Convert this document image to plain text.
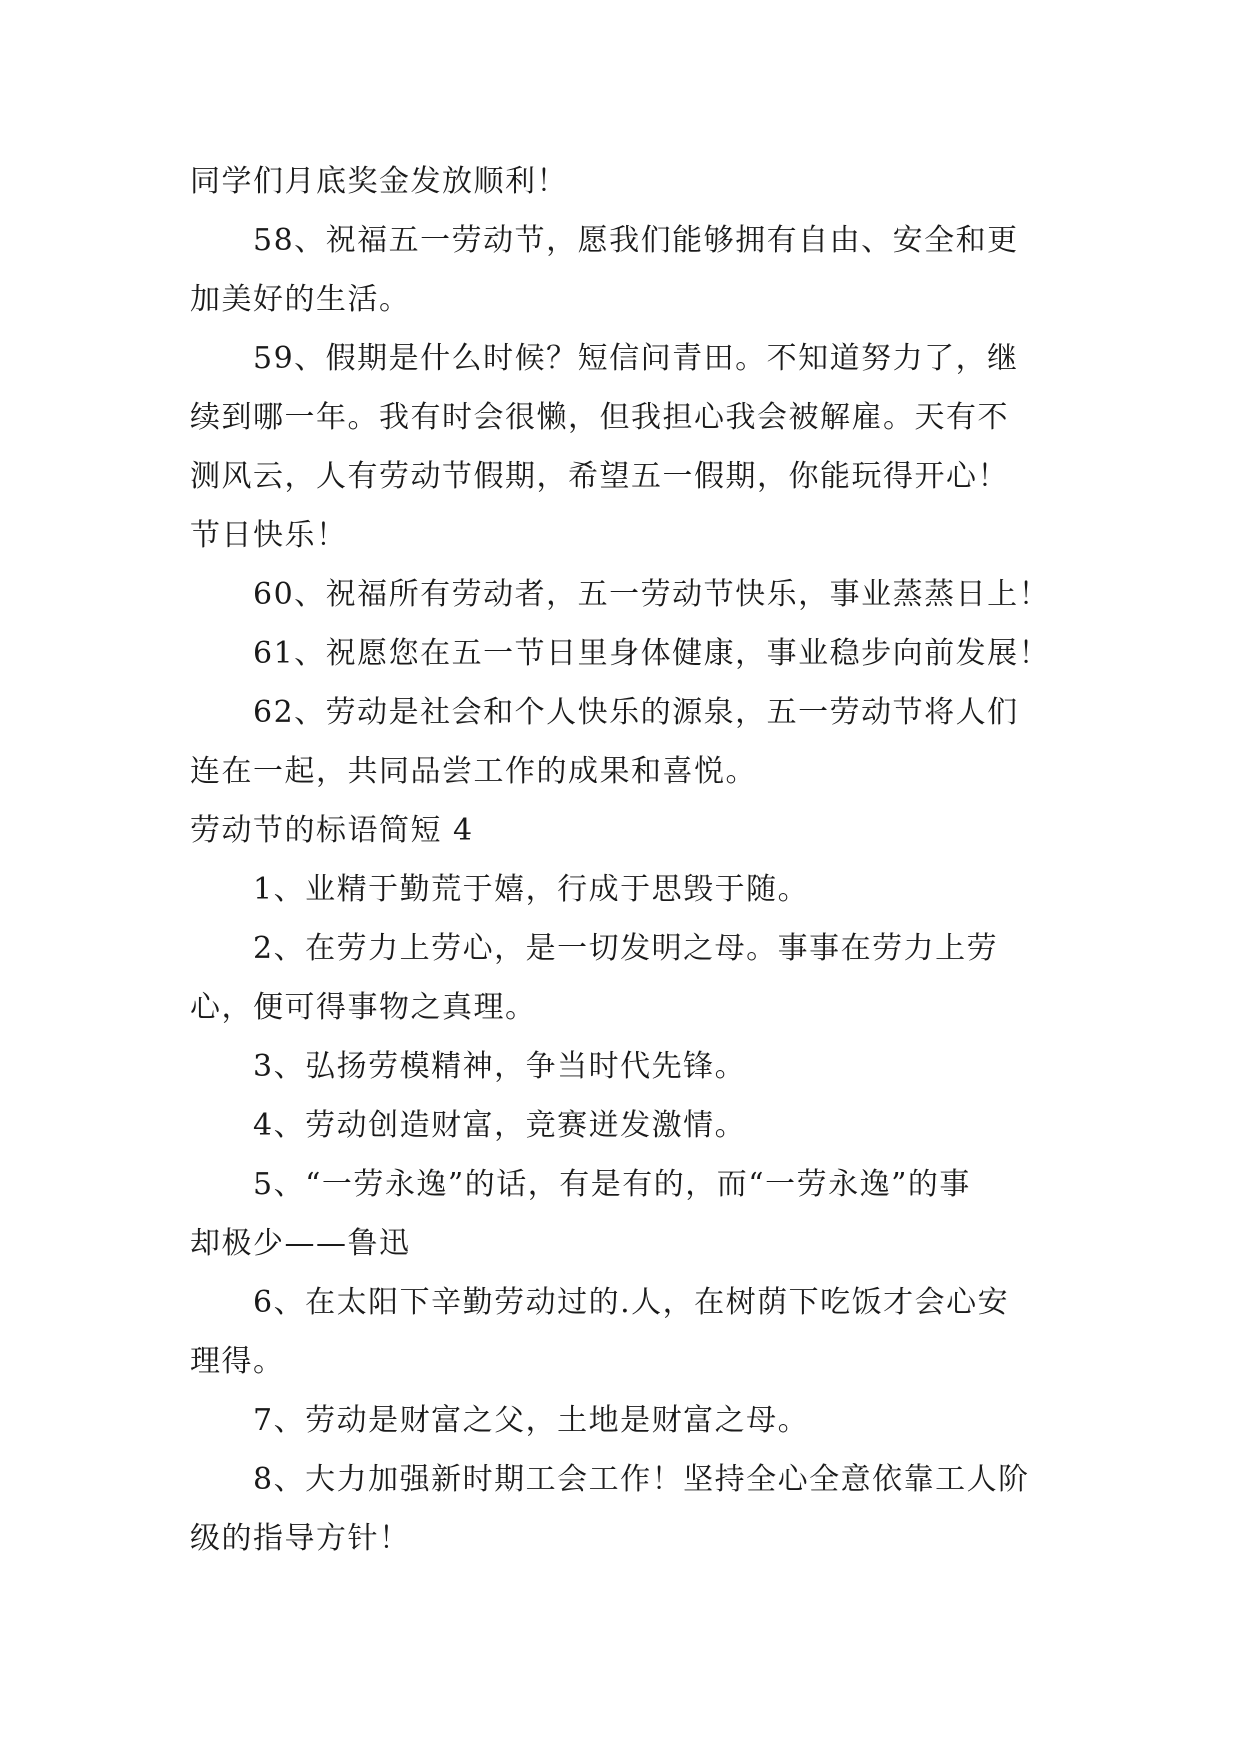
同学们月底奖金发放顺利！
58、祝福五一劳动节，愿我们能够拥有自由、安全和更
加美好的生活。
59、假期是什么时候？短信问青田。不知道努力了，继
续到哪一年。我有时会很懒，但我担心我会被解雇。天有不
测风云，人有劳动节假期，希望五一假期，你能玩得开心！
节日快乐！
60、祝福所有劳动者，五一劳动节快乐，事业蒸蒸日上！
61、祝愿您在五一节日里身体健康，事业稳步向前发展！
62、劳动是社会和个人快乐的源泉，五一劳动节将人们
连在一起，共同品尝工作的成果和喜悦。
劳动节的标语简短 4
1、业精于勤荒于嬉，行成于思毁于随。
2、在劳力上劳心，是一切发明之母。事事在劳力上劳
心，便可得事物之真理。
3、弘扬劳模精神，争当时代先锋。
4、劳动创造财富，竞赛迸发激情。
5、“一劳永逸”的话，有是有的，而“一劳永逸”的事
却极少——鲁迅
6、在太阳下辛勤劳动过的.人，在树荫下吃饭才会心安
理得。
7、劳动是财富之父，土地是财富之母。
8、大力加强新时期工会工作！坚持全心全意依靠工人阶
级的指导方针！
